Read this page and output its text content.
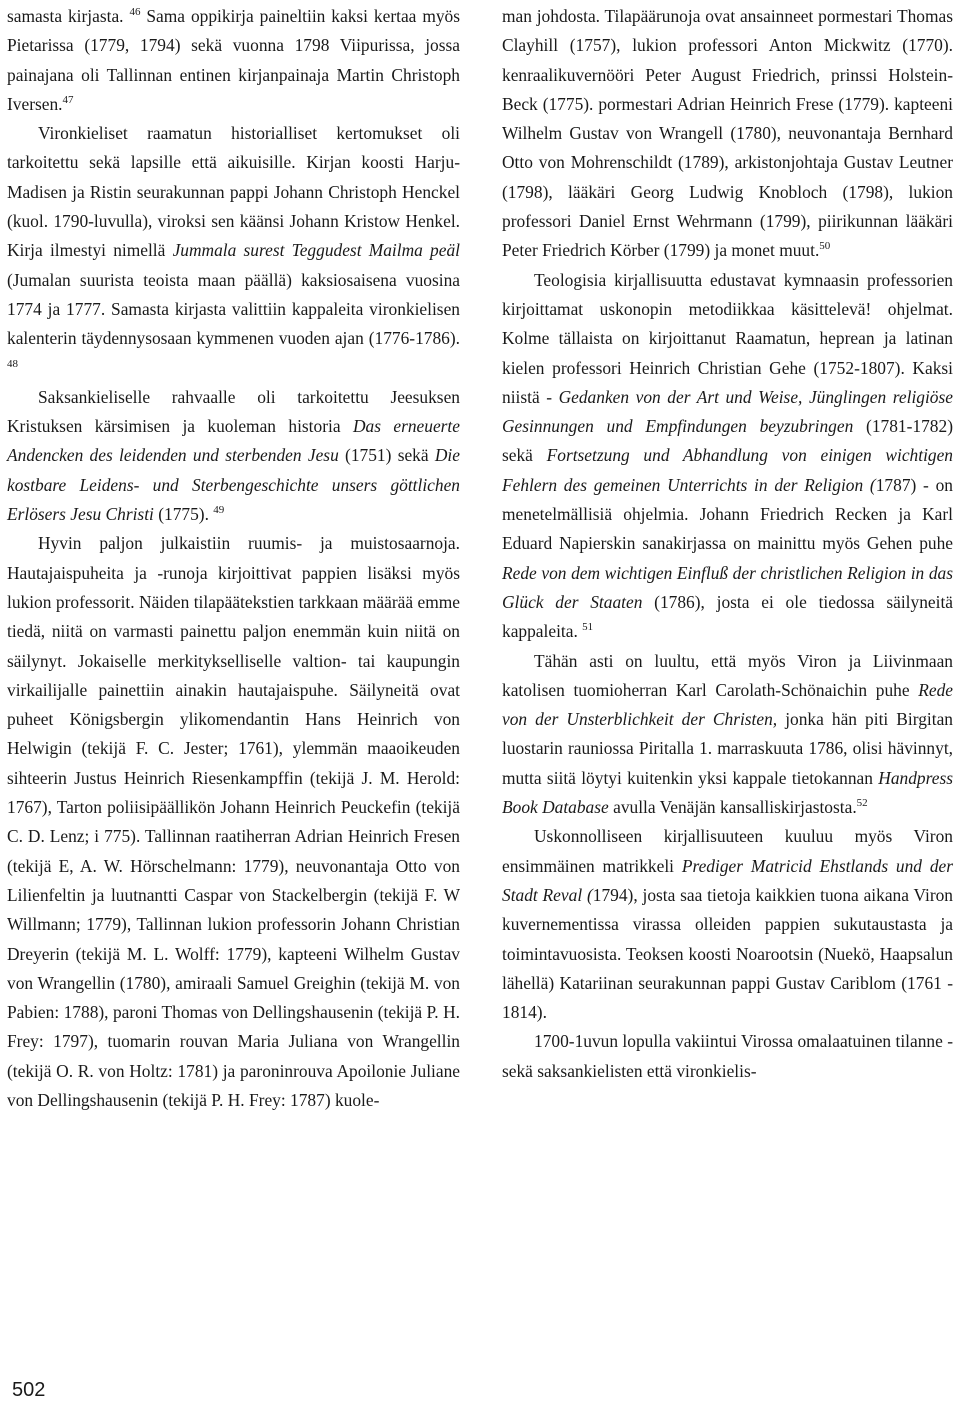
samasta kirjasta. $^{46}$ Sama oppikirja paineltiin kaksi kertaa myös Pietarissa (1779, 1794) sekä vuonna 1798 Viipurissa, jossa painajana oli Tallinnan entinen kirjanpainaja Martin Christoph Iversen.$^{47}$

Vironkieliset raamatun historialliset kertomukset oli tarkoitettu sekä lapsille että aikuisille. Kirjan koosti Harju-Madisen ja Ristin seurakunnan pappi Johann Christoph Henckel (kuol. 1790-luvulla), viroksi sen käänsi Johann Kristow Henkel. Kirja ilmestyi nimellä Jummala surest Teggudest Mailma peäl (Jumalan suurista teoista maan päällä) kaksiosaisena vuosina 1774 ja 1777. Samasta kirjasta valittiin kappaleita vironkielisen kalenterin täydennysosaan kymmenen vuoden ajan (1776-1786). $^{48}$

Saksankieliselle rahvaalle oli tarkoitettu Jeesuksen Kristuksen kärsimisen ja kuoleman historia Das erneuerte Andencken des leidenden und sterbenden Jesu (1751) sekä Die kostbare Leidens- und Sterbengeschichte unsers göttlichen Erlösers Jesu Christi (1775). $^{49}$

Hyvin paljon julkaistiin ruumis- ja muistosaarnoja. Hautajaispuheita ja -runoja kirjoittivat pappien lisäksi myös lukion professorit. Näiden tilapäätekstien tarkkaan määrää emme tiedä, niitä on varmasti painettu paljon enemmän kuin niitä on säilynyt. Jokaiselle merkitykselliselle valtion- tai kaupungin virkailijalle painettiin ainakin hautajaispuhe. Säilyneitä ovat puheet Königsbergin ylikomendantin Hans Heinrich von Helwigin (tekijä F. C. Jester; 1761), ylemmän maaoikeuden sihteerin Justus Heinrich Riesenkampffin (tekijä J. M. Herold: 1767), Tarton poliisipäällikön Johann Heinrich Peuckefin (tekijä C. D. Lenz; i 775). Tallinnan raatiherran Adrian Heinrich Fresen (tekijä E, A. W. Hörschelmann: 1779), neuvonantaja Otto von Lilienfeltin ja luutnantti Caspar von Stackelbergin (tekijä F. W Willmann; 1779), Tallinnan lukion professorin Johann Christian Dreyerin (tekijä M. L. Wolff: 1779), kapteeni Wilhelm Gustav von Wrangellin (1780), amiraali Samuel Greighin (tekijä M. von Pabien: 1788), paroni Thomas von Dellingshausenin (tekijä P. H. Frey: 1797), tuomarin rouvan Maria Juliana von Wrangellin (tekijä O. R. von Holtz: 1781) ja paroninrouva Apoilonie Juliane von Dellingshausenin (tekijä P. H. Frey: 1787) kuole-

man johdosta. Tilapäärunoja ovat ansainneet pormestari Thomas Clayhill (1757), lukion professori Anton Mickwitz (1770). kenraalikuvernööri Peter August Friedrich, prinssi Holstein-Beck (1775). pormestari Adrian Heinrich Frese (1779). kapteeni Wilhelm Gustav von Wrangell (1780), neuvonantaja Bernhard Otto von Mohrenschildt (1789), arkistonjohtaja Gustav Leutner (1798), lääkäri Georg Ludwig Knobloch (1798), lukion professori Daniel Ernst Wehrmann (1799), piirikunnan lääkäri Peter Friedrich Körber (1799) ja monet muut.$^{50}$

Teologisia kirjallisuutta edustavat kymnaasin professorien kirjoittamat uskonopin metodiikkaa käsittelevä! ohjelmat. Kolme tällaista on kirjoittanut Raamatun, heprean ja latinan kielen professori Heinrich Christian Gehe (1752-1807). Kaksi niistä - Gedanken von der Art und Weise, Jünglingen religiöse Gesinnungen und Empfindungen beyzubringen (1781-1782) sekä Fortsetzung und Abhandlung von einigen wichtigen Fehlern des gemeinen Unterrichts in der Religion (1787) - on menetelmällisiä ohjelmia. Johann Friedrich Recken ja Karl Eduard Napierskin sanakirjassa on mainittu myös Gehen puhe Rede von dem wichtigen Einfluß der christlichen Religion in das Glück der Staaten (1786), josta ei ole tiedossa säilyneitä kappaleita. $^{51}$

Tähän asti on luultu, että myös Viron ja Liivinmaan katolisen tuomioherran Karl Carolath-Schönaichin puhe Rede von der Unsterblichkeit der Christen, jonka hän piti Birgitan luostarin rauniossa Piritalla 1. marraskuuta 1786, olisi hävinnyt, mutta siitä löytyi kuitenkin yksi kappale tietokannan Handpress Book Database avulla Venäjän kansalliskirjastosta.$^{52}$

Uskonnolliseen kirjallisuuteen kuuluu myös Viron ensimmäinen matrikkeli Prediger Matricid Ehstlands und der Stadt Reval (1794), josta saa tietoja kaikkien tuona aikana Viron kuvernementissa virassa olleiden pappien sukutaustasta ja toimintavuosista. Teoksen koosti Noarootsin (Nuekö, Haapsalun lähellä) Katariinan seurakunnan pappi Gustav Cariblom (1761 - 1814).

1700-1uvun lopulla vakiintui Virossa omalaatuinen tilanne - sekä saksankielisten että vironkielis-

502
